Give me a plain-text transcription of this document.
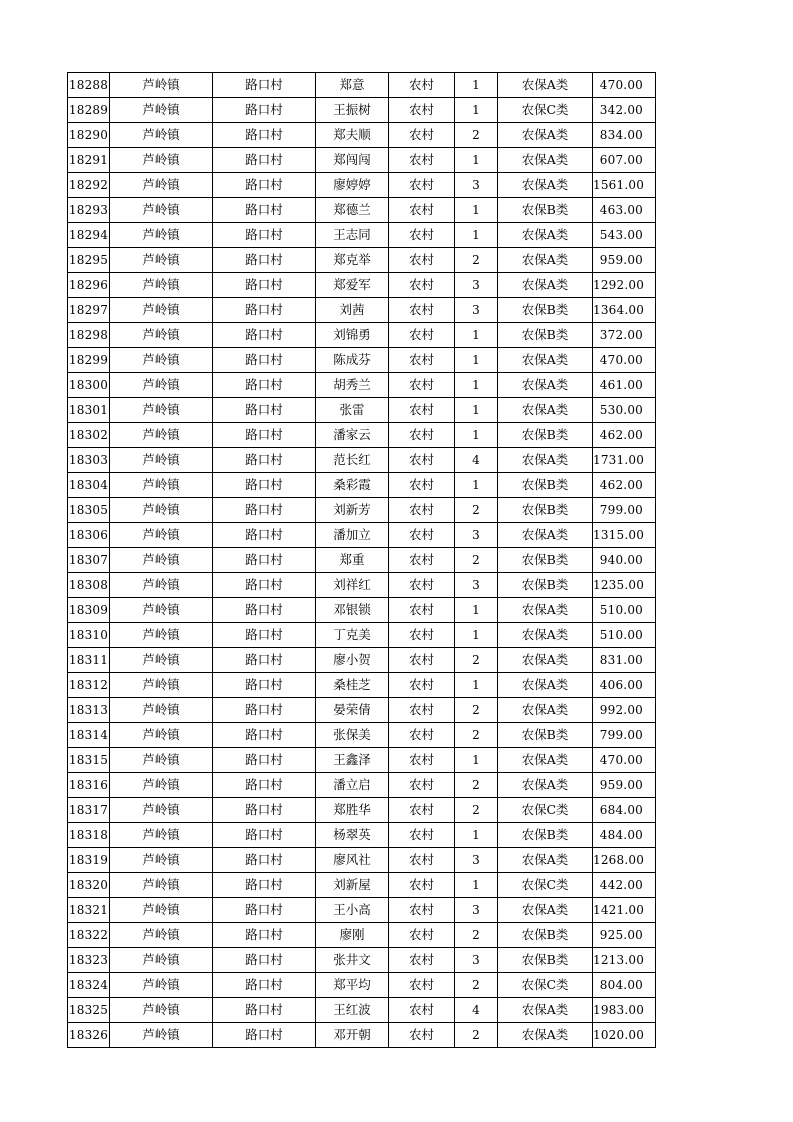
18288	芦岭镇	路口村	郑意	农村	1	农保A类	470.00
18289	芦岭镇	路口村	王振树	农村	1	农保C类	342.00
18290	芦岭镇	路口村	郑夫顺	农村	2	农保A类	834.00
18291	芦岭镇	路口村	郑闯闯	农村	1	农保A类	607.00
18292	芦岭镇	路口村	廖婷婷	农村	3	农保A类	1561.00
18293	芦岭镇	路口村	郑德兰	农村	1	农保B类	463.00
18294	芦岭镇	路口村	王志同	农村	1	农保A类	543.00
18295	芦岭镇	路口村	郑克举	农村	2	农保A类	959.00
18296	芦岭镇	路口村	郑爱军	农村	3	农保A类	1292.00
18297	芦岭镇	路口村	刘茜	农村	3	农保B类	1364.00
18298	芦岭镇	路口村	刘锦勇	农村	1	农保B类	372.00
18299	芦岭镇	路口村	陈成芬	农村	1	农保A类	470.00
18300	芦岭镇	路口村	胡秀兰	农村	1	农保A类	461.00
18301	芦岭镇	路口村	张雷	农村	1	农保A类	530.00
18302	芦岭镇	路口村	潘家云	农村	1	农保B类	462.00
18303	芦岭镇	路口村	范长红	农村	4	农保A类	1731.00
18304	芦岭镇	路口村	桑彩霞	农村	1	农保B类	462.00
18305	芦岭镇	路口村	刘新芳	农村	2	农保B类	799.00
18306	芦岭镇	路口村	潘加立	农村	3	农保A类	1315.00
18307	芦岭镇	路口村	郑重	农村	2	农保B类	940.00
18308	芦岭镇	路口村	刘祥红	农村	3	农保B类	1235.00
18309	芦岭镇	路口村	邓银锁	农村	1	农保A类	510.00
18310	芦岭镇	路口村	丁克美	农村	1	农保A类	510.00
18311	芦岭镇	路口村	廖小贺	农村	2	农保A类	831.00
18312	芦岭镇	路口村	桑桂芝	农村	1	农保A类	406.00
18313	芦岭镇	路口村	晏荣倩	农村	2	农保A类	992.00
18314	芦岭镇	路口村	张保美	农村	2	农保B类	799.00
18315	芦岭镇	路口村	王鑫泽	农村	1	农保A类	470.00
18316	芦岭镇	路口村	潘立启	农村	2	农保A类	959.00
18317	芦岭镇	路口村	郑胜华	农村	2	农保C类	684.00
18318	芦岭镇	路口村	杨翠英	农村	1	农保B类	484.00
18319	芦岭镇	路口村	廖风社	农村	3	农保A类	1268.00
18320	芦岭镇	路口村	刘新屋	农村	1	农保C类	442.00
18321	芦岭镇	路口村	王小高	农村	3	农保A类	1421.00
18322	芦岭镇	路口村	廖刚	农村	2	农保B类	925.00
18323	芦岭镇	路口村	张井文	农村	3	农保B类	1213.00
18324	芦岭镇	路口村	郑平均	农村	2	农保C类	804.00
18325	芦岭镇	路口村	王红波	农村	4	农保A类	1983.00
18326	芦岭镇	路口村	邓开朝	农村	2	农保A类	1020.00
